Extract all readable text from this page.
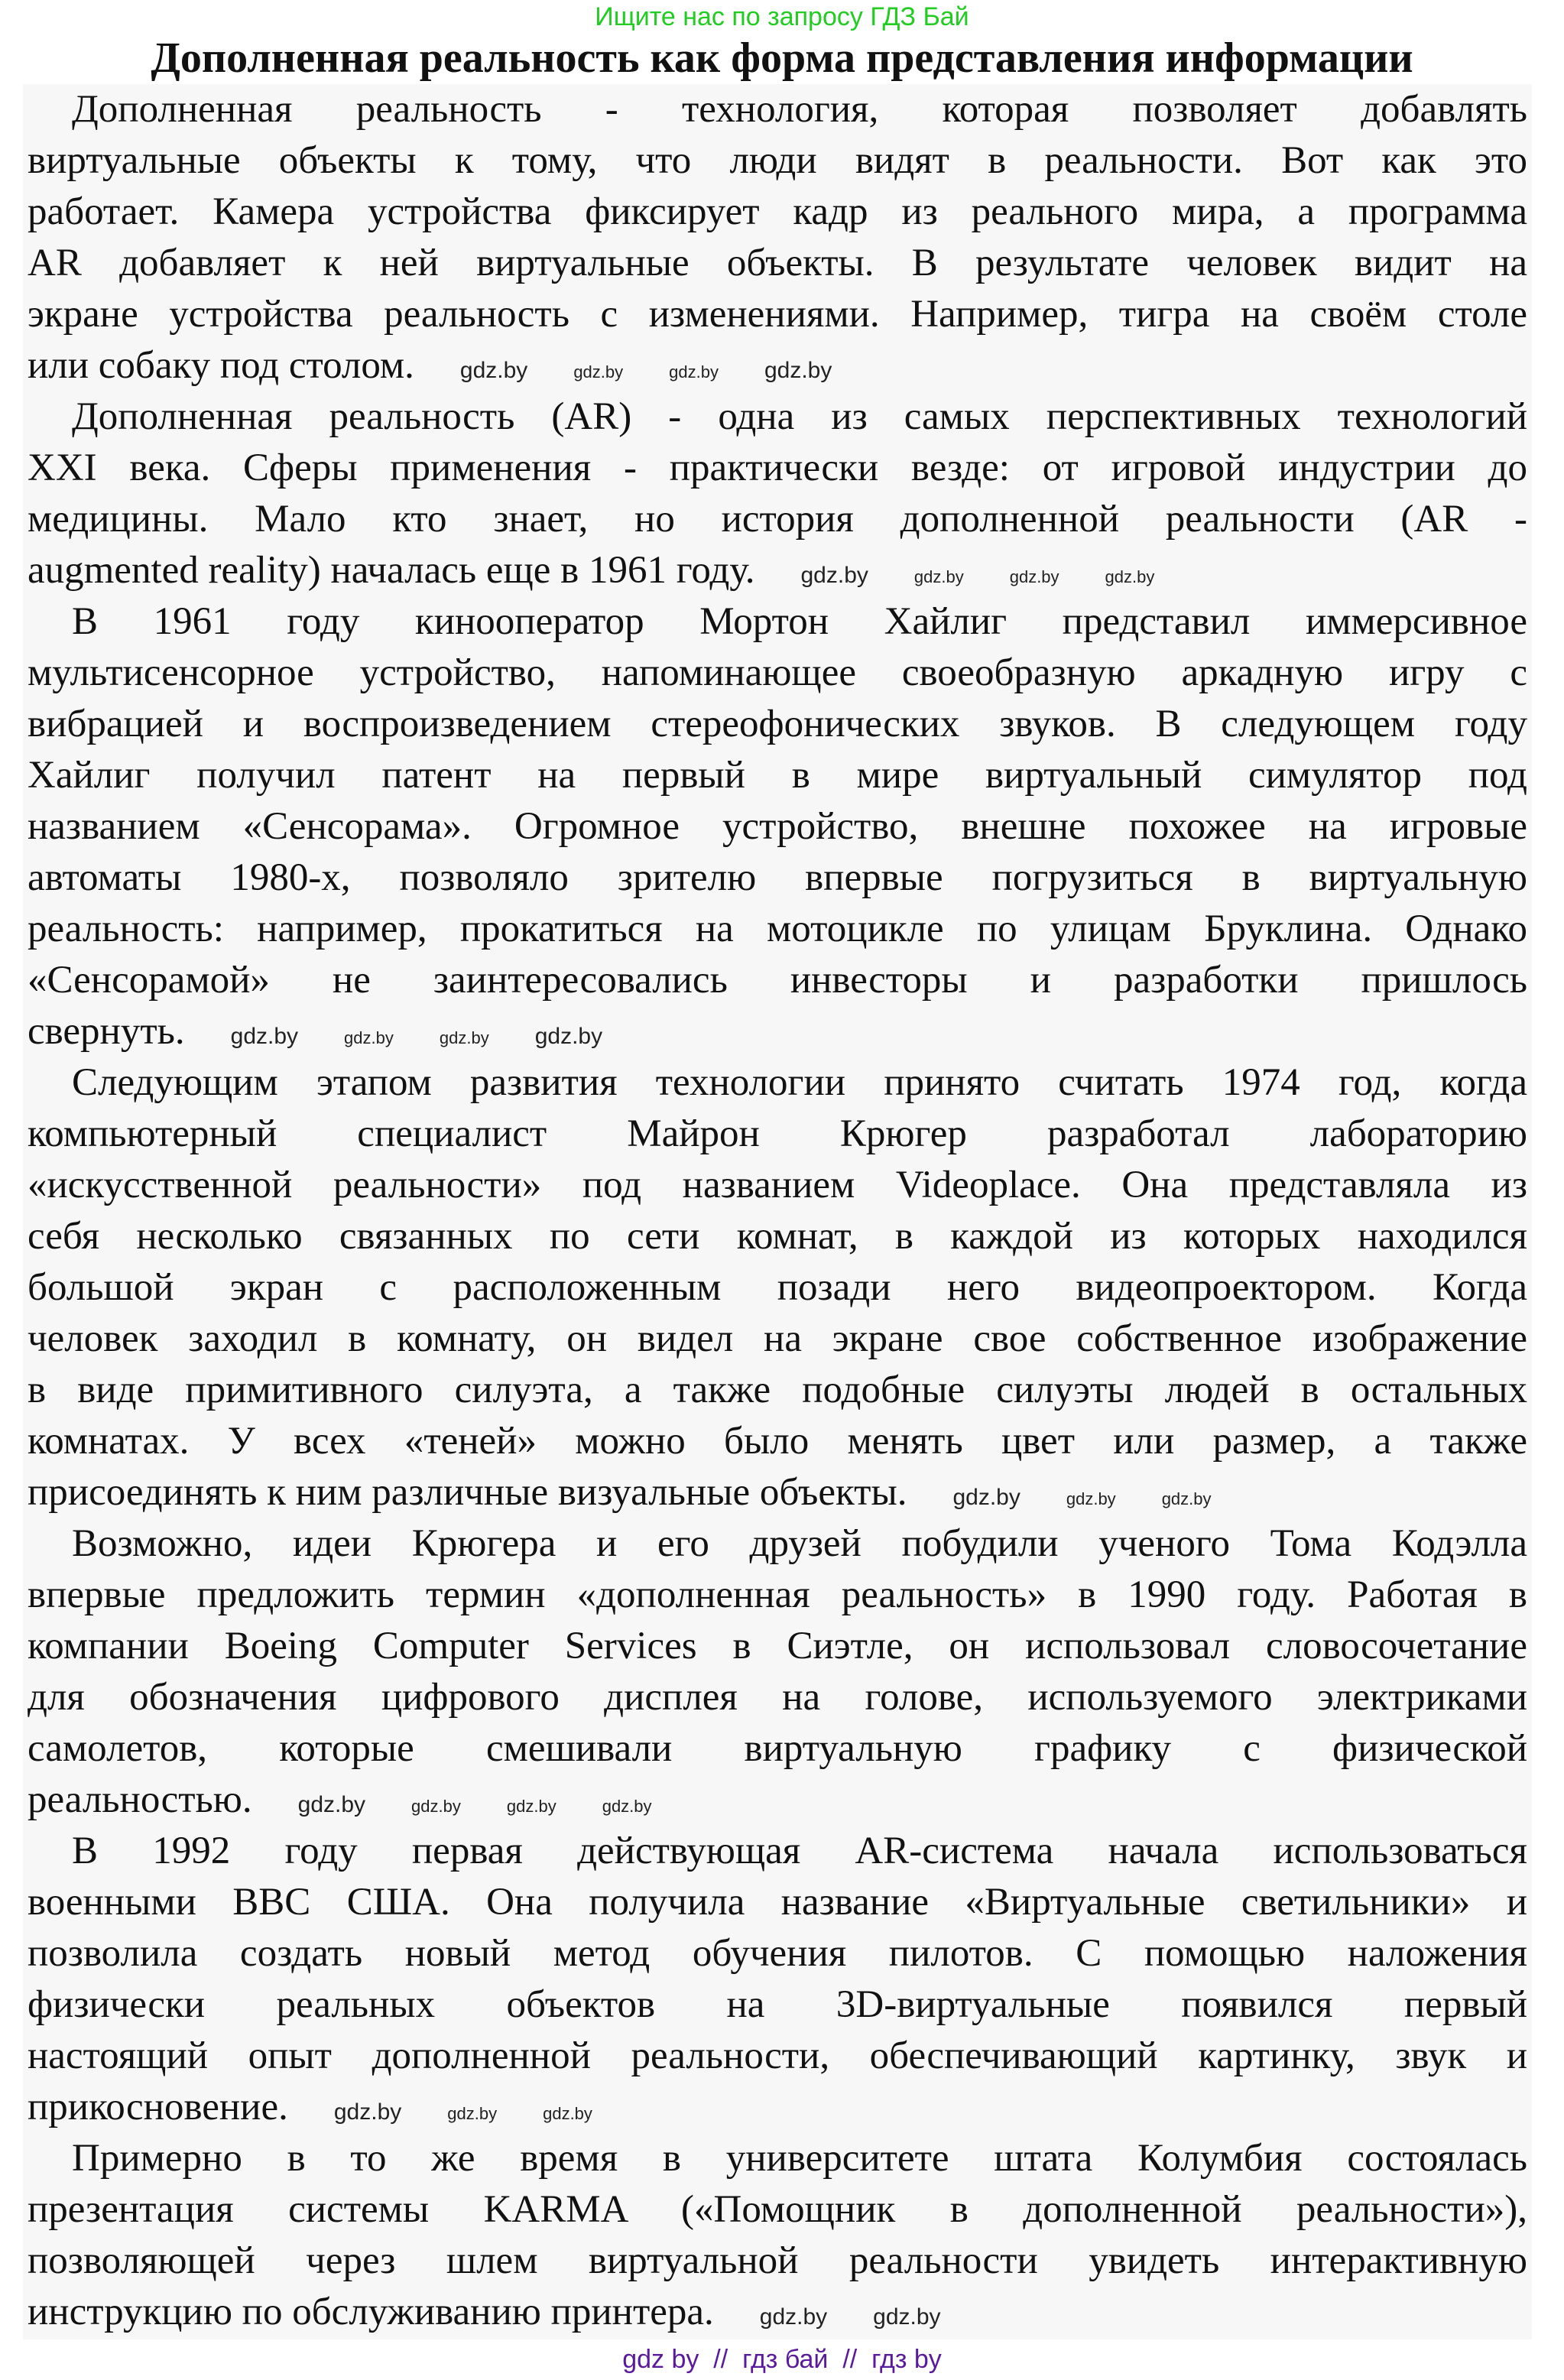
Ищите нас по запросу ГДЗ Бай
Дополненная реальность как форма представления информации
Дополненная реальность - технология, которая позволяет добавлять
виртуальные объекты к тому, что люди видят в реальности. Вот как это
работает. Камера устройства фиксирует кадр из реального мира, а программа
AR добавляет к ней виртуальные объекты. В результате человек видит на
экране устройства реальность с изменениями. Например, тигра на своём столе
или собаку под столом. gdz.by	gdz.by	gdz.by gdz.by
Дополненная реальность (AR) - одна из самых перспективных технологий
XXI века. Сферы применения - практически везде: от игровой индустрии до
медицины. Мало кто знает, но история дополненной реальности (AR -
augmented reality) началась еще в 1961 году. gdz.by	gdz.by	gdz.by	gdz.by
В 1961 году кинооператор Мортон Хайлиг представил иммерсивное
мультисенсорное устройство, напоминающее своеобразную аркадную игру с
вибрацией и воспроизведением стереофонических звуков. В следующем году
Хайлиг получил патент на первый в мире виртуальный симулятор под
названием «Сенсорама». Огромное устройство, внешне похожее на игровые
автоматы 1980-х, позволяло зрителю впервые погрузиться в виртуальную
реальность: например, прокатиться на мотоцикле по улицам Бруклина. Однако
«Сенсорамой» не заинтересовались инвесторы и разработки пришлось
свернуть. gdz.by	gdz.by	gdz.by gdz.by
Следующим этапом развития технологии принято считать 1974 год, когда
компьютерный специалист Майрон Крюгер разработал лабораторию
«искусственной реальности» под названием Videoplace. Она представляла из
себя несколько связанных по сети комнат, в каждой из которых находился
большой экран с расположенным позади него видеопроектором. Когда
человек заходил в комнату, он видел на экране свое собственное изображение
в виде примитивного силуэта, а также подобные силуэты людей в остальных
комнатах. У всех «теней» можно было менять цвет или размер, а также
присоединять к ним различные визуальные объекты. gdz.by	gdz.by	gdz.by
Возможно, идеи Крюгера и его друзей побудили ученого Тома Кодэлла
впервые предложить термин «дополненная реальность» в 1990 году. Работая в
компании Boeing Computer Services в Сиэтле, он использовал словосочетание
для обозначения цифрового дисплея на голове, используемого электриками
самолетов, которые смешивали виртуальную графику с физической
реальностью. gdz.by	gdz.by	gdz.by	gdz.by
В 1992 году первая действующая AR-система начала использоваться
военными ВВС США. Она получила название «Виртуальные светильники» и
позволила создать новый метод обучения пилотов. С помощью наложения
физически реальных объектов на 3D-виртуальные появился первый
настоящий опыт дополненной реальности, обеспечивающий картинку, звук и
прикосновение. gdz.by	gdz.by	gdz.by
Примерно в то же время в университете штата Колумбия состоялась
презентация системы KARMA («Помощник в дополненной реальности»),
позволяющей через шлем виртуальной реальности увидеть интерактивную
инструкцию по обслуживанию принтера. gdz.by gdz.by
gdz by  //  гдз бай  //  гдз by
